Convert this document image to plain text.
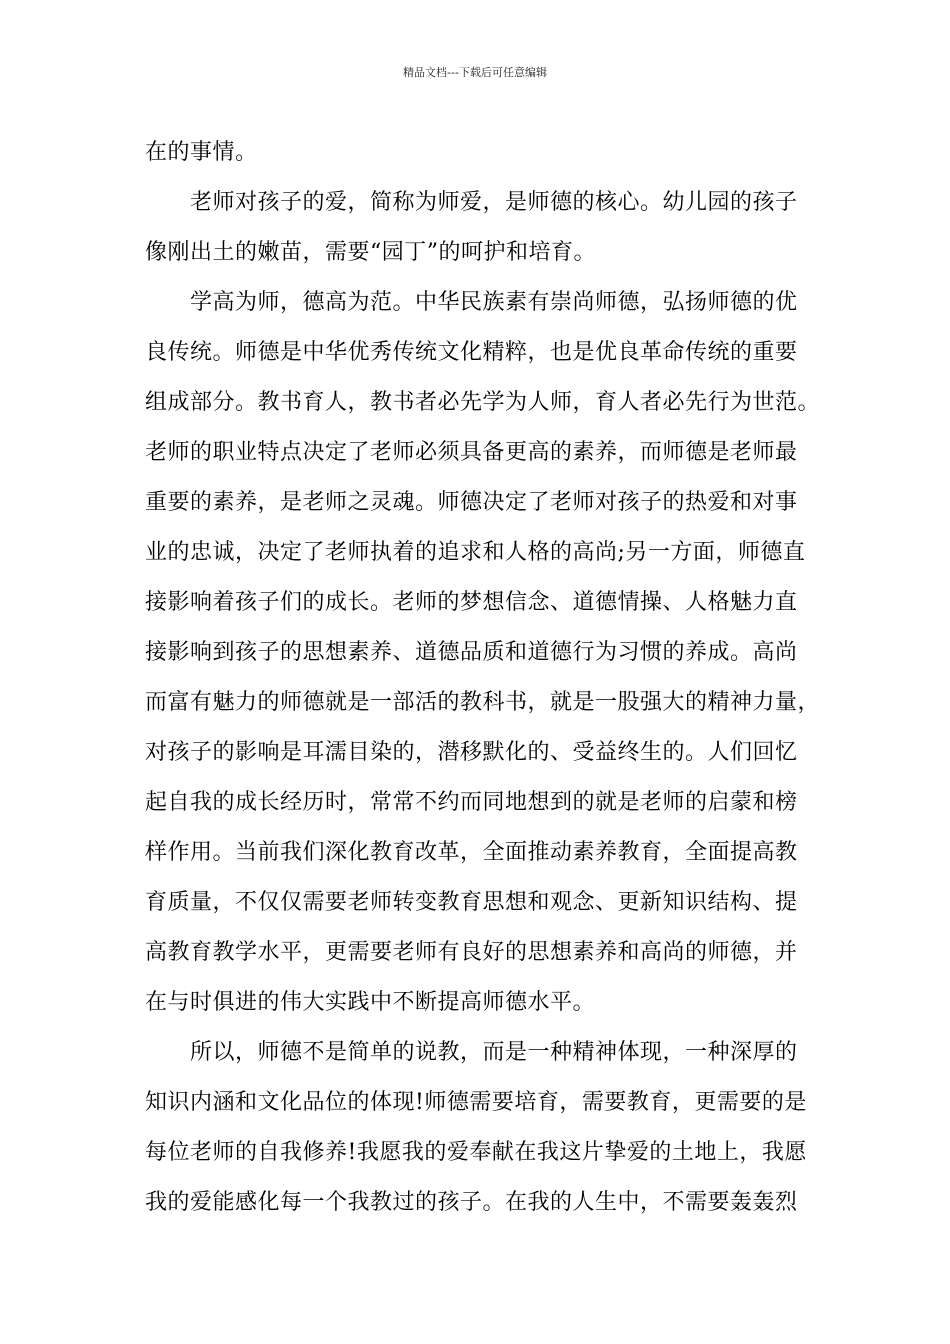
精品文档---下载后可任意编辑
在的事情。
老师对孩子的爱，简称为师爱，是师德的核心。幼儿园的孩子
像刚出土的嫩苗，需要“园丁”的呵护和培育。
学高为师，德高为范。中华民族素有崇尚师德，弘扬师德的优
良传统。师德是中华优秀传统文化精粹，也是优良革命传统的重要
组成部分。教书育人，教书者必先学为人师，育人者必先行为世范。
老师的职业特点决定了老师必须具备更高的素养，而师德是老师最
重要的素养，是老师之灵魂。师德决定了老师对孩子的热爱和对事
业的忠诚，决定了老师执着的追求和人格的高尚;另一方面，师德直
接影响着孩子们的成长。老师的梦想信念、道德情操、人格魅力直
接影响到孩子的思想素养、道德品质和道德行为习惯的养成。高尚
而富有魅力的师德就是一部活的教科书，就是一股强大的精神力量，
对孩子的影响是耳濡目染的，潜移默化的、受益终生的。人们回忆
起自我的成长经历时，常常不约而同地想到的就是老师的启蒙和榜
样作用。当前我们深化教育改革，全面推动素养教育，全面提高教
育质量，不仅仅需要老师转变教育思想和观念、更新知识结构、提
高教育教学水平，更需要老师有良好的思想素养和高尚的师德，并
在与时俱进的伟大实践中不断提高师德水平。
所以，师德不是简单的说教，而是一种精神体现，一种深厚的
知识内涵和文化品位的体现!师德需要培育，需要教育，更需要的是
每位老师的自我修养!我愿我的爱奉献在我这片挚爱的土地上，我愿
我的爱能感化每一个我教过的孩子。在我的人生中，不需要轰轰烈
